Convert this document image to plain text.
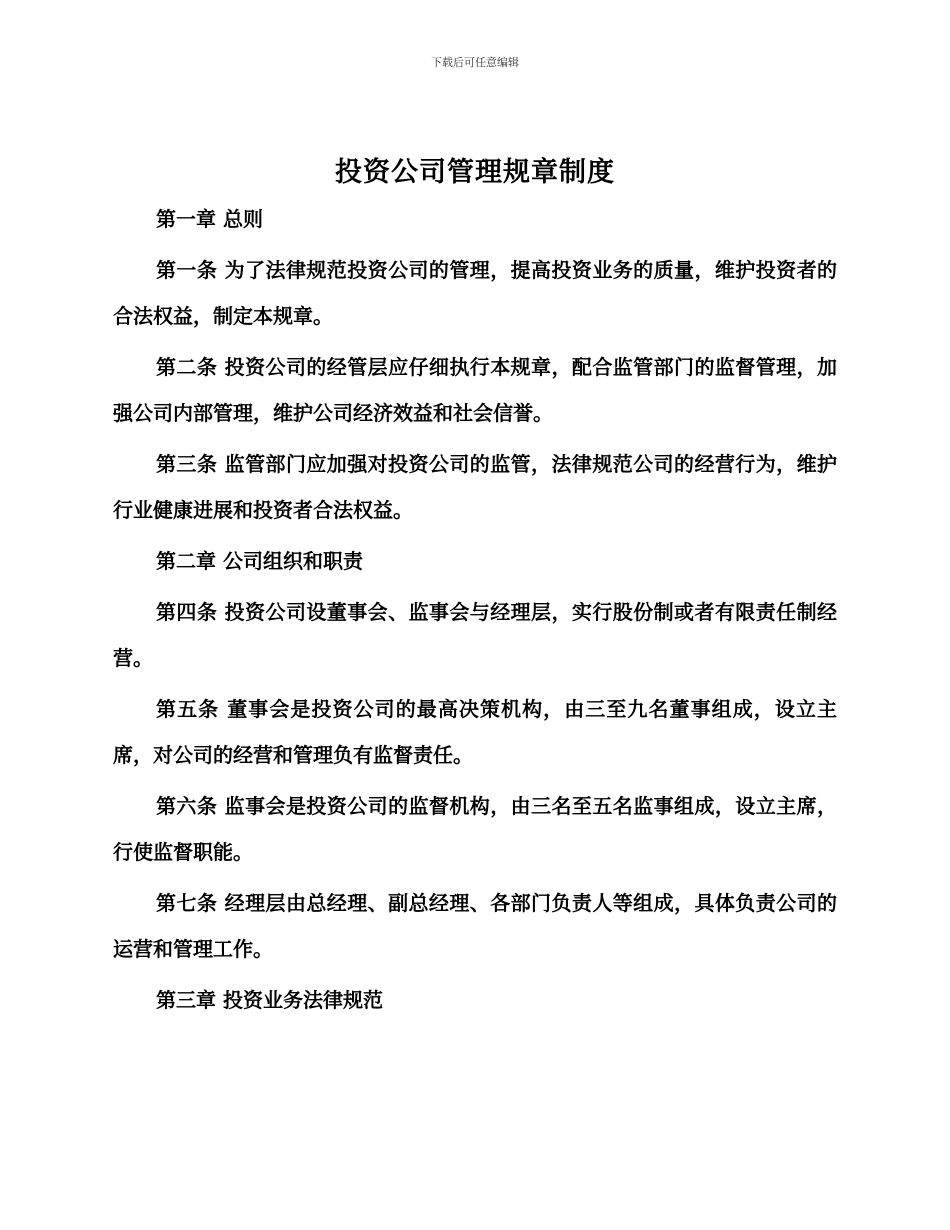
下载后可任意编辑
投资公司管理规章制度

第一章 总则

第一条 为了法律规范投资公司的管理，提高投资业务的质量，维护投资者的合法权益，制定本规章。

第二条 投资公司的经管层应仔细执行本规章，配合监管部门的监督管理，加强公司内部管理，维护公司经济效益和社会信誉。

第三条 监管部门应加强对投资公司的监管，法律规范公司的经营行为，维护行业健康进展和投资者合法权益。

第二章 公司组织和职责

第四条 投资公司设董事会、监事会与经理层，实行股份制或者有限责任制经营。

第五条 董事会是投资公司的最高决策机构，由三至九名董事组成，设立主席，对公司的经营和管理负有监督责任。

第六条 监事会是投资公司的监督机构，由三名至五名监事组成，设立主席，行使监督职能。

第七条 经理层由总经理、副总经理、各部门负责人等组成，具体负责公司的运营和管理工作。

第三章 投资业务法律规范
